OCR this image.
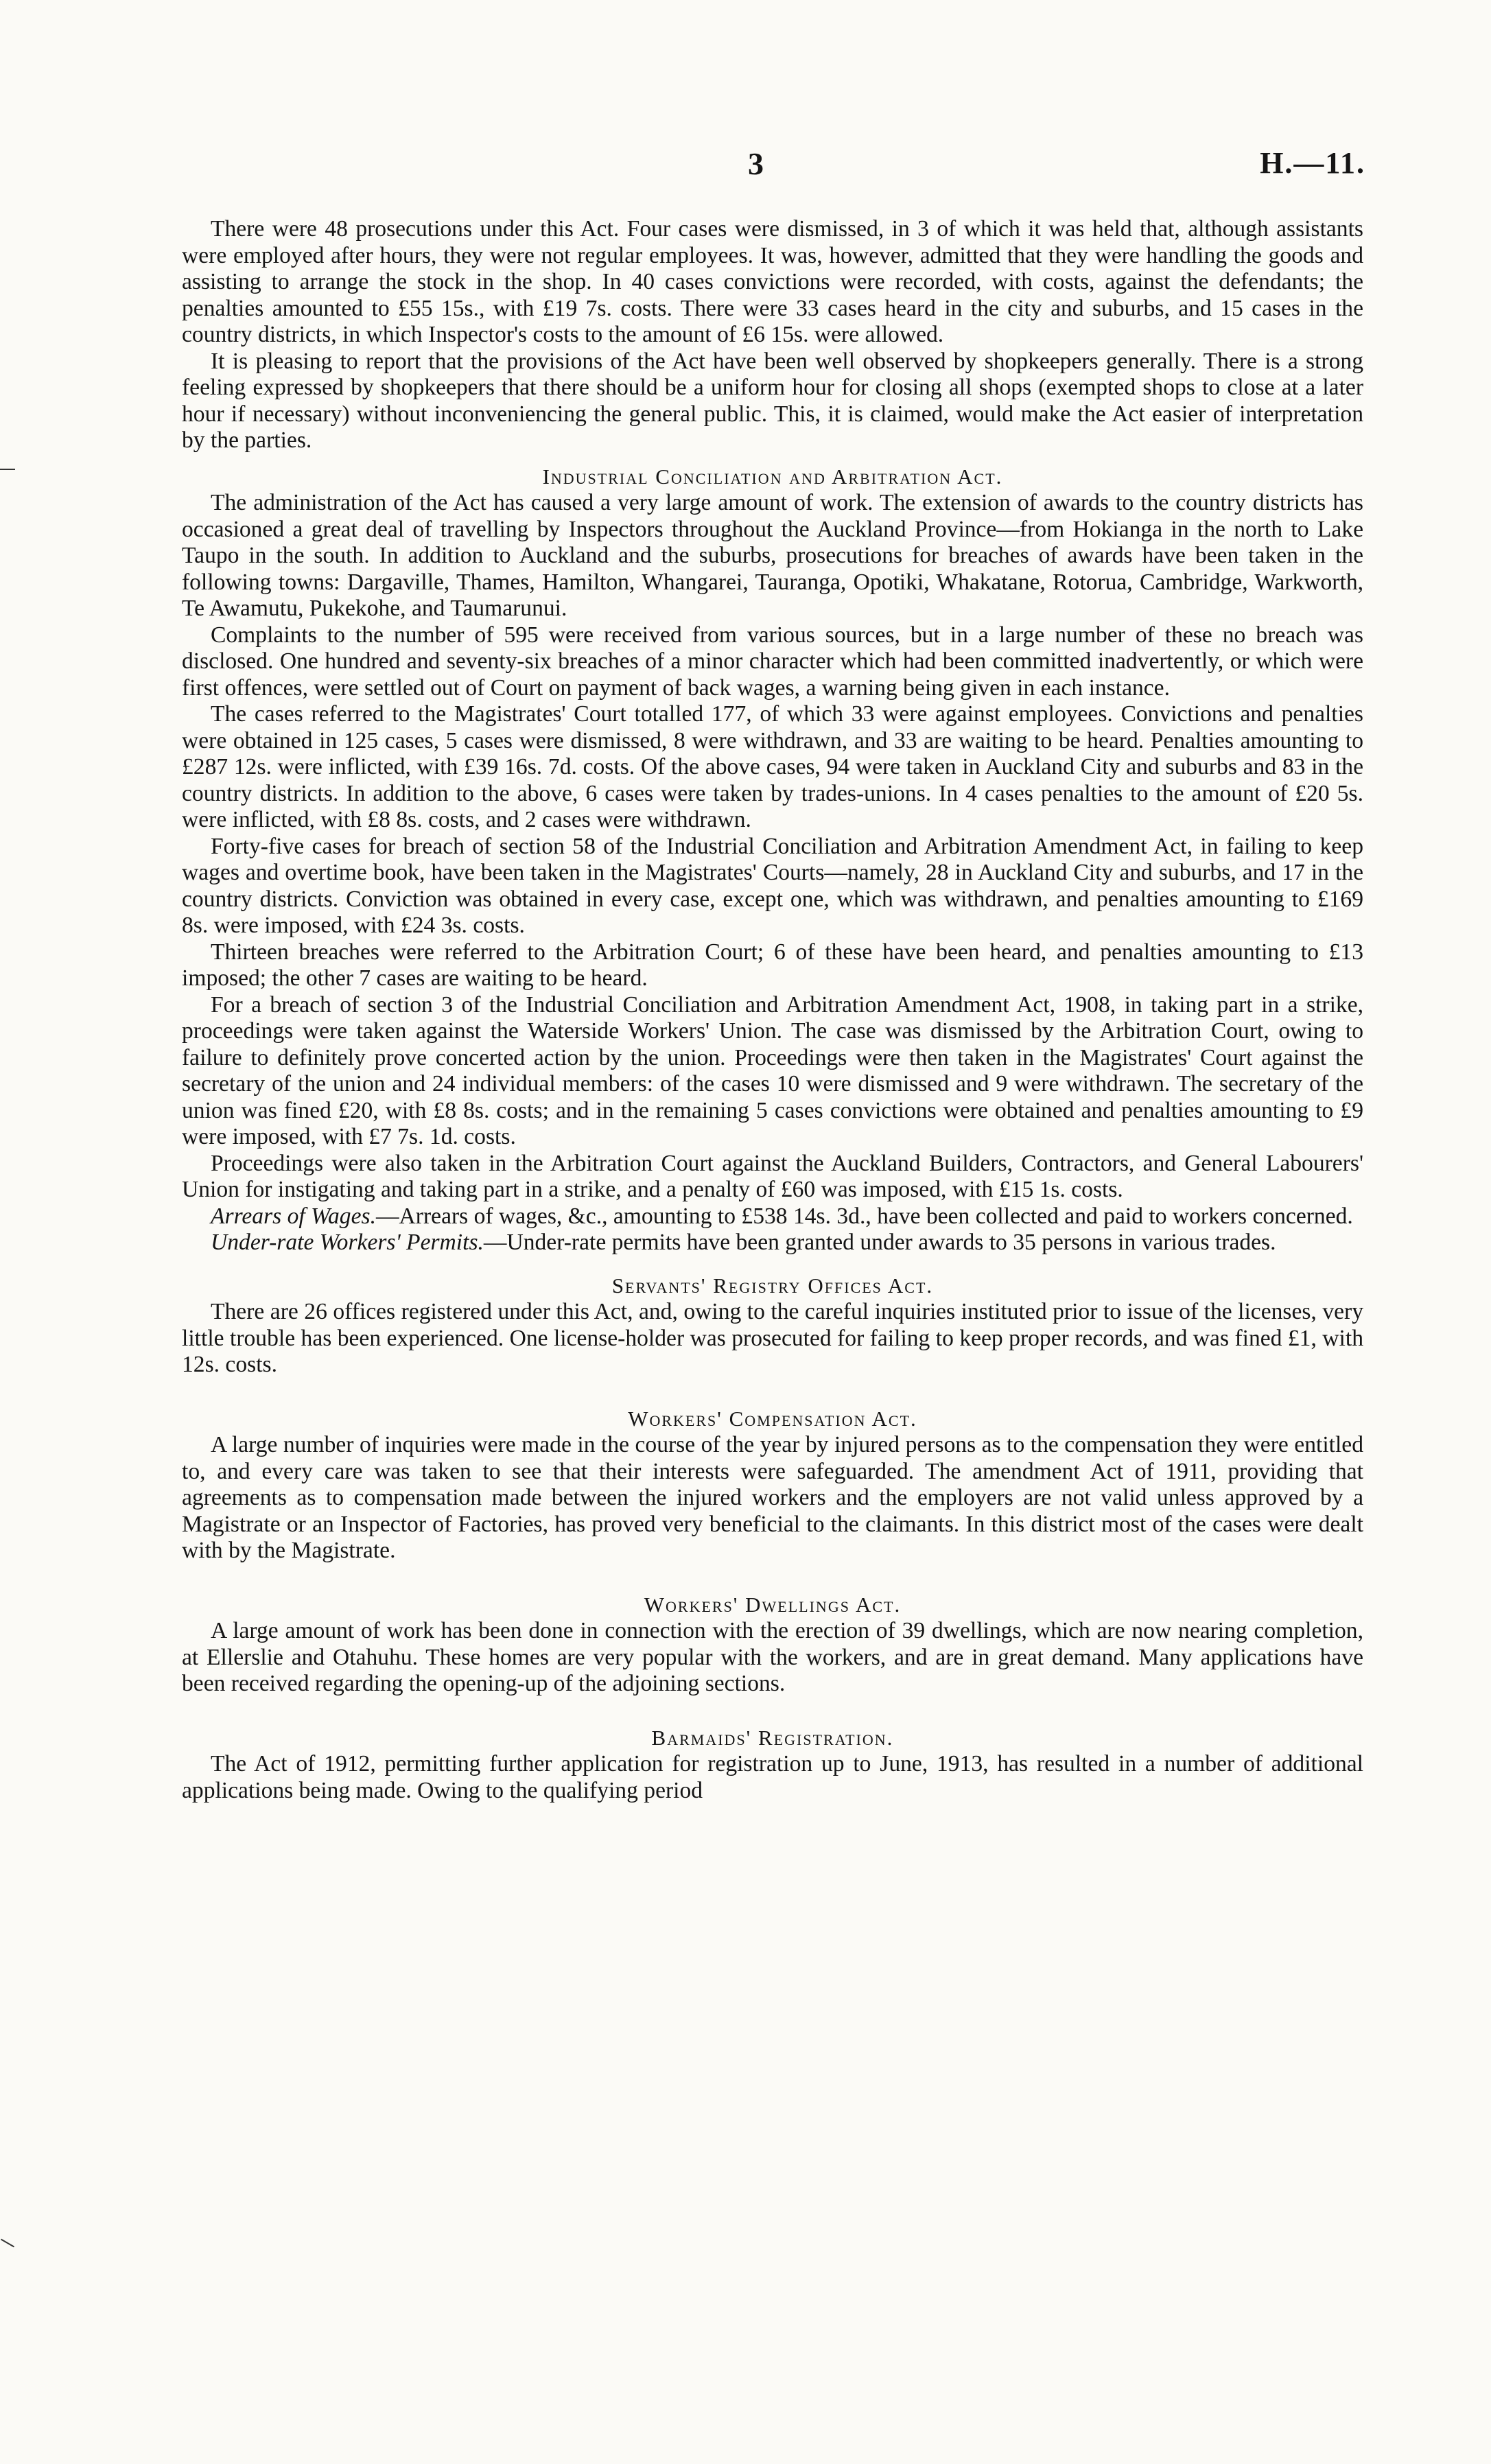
3	H.—11.

There were 48 prosecutions under this Act. Four cases were dismissed, in 3 of which it was held that, although assistants were employed after hours, they were not regular employees. It was, however, admitted that they were handling the goods and assisting to arrange the stock in the shop. In 40 cases convictions were recorded, with costs, against the defendants; the penalties amounted to £55 15s., with £19 7s. costs. There were 33 cases heard in the city and suburbs, and 15 cases in the country districts, in which Inspector's costs to the amount of £6 15s. were allowed.

It is pleasing to report that the provisions of the Act have been well observed by shopkeepers generally. There is a strong feeling expressed by shopkeepers that there should be a uniform hour for closing all shops (exempted shops to close at a later hour if necessary) without inconveniencing the general public. This, it is claimed, would make the Act easier of interpretation by the parties.

Industrial Conciliation and Arbitration Act.

The administration of the Act has caused a very large amount of work. The extension of awards to the country districts has occasioned a great deal of travelling by Inspectors throughout the Auckland Province—from Hokianga in the north to Lake Taupo in the south. In addition to Auckland and the suburbs, prosecutions for breaches of awards have been taken in the following towns: Dargaville, Thames, Hamilton, Whangarei, Tauranga, Opotiki, Whakatane, Rotorua, Cambridge, Warkworth, Te Awamutu, Pukekohe, and Taumarunui.

Complaints to the number of 595 were received from various sources, but in a large number of these no breach was disclosed. One hundred and seventy-six breaches of a minor character which had been committed inadvertently, or which were first offences, were settled out of Court on payment of back wages, a warning being given in each instance.

The cases referred to the Magistrates' Court totalled 177, of which 33 were against employees. Convictions and penalties were obtained in 125 cases, 5 cases were dismissed, 8 were withdrawn, and 33 are waiting to be heard. Penalties amounting to £287 12s. were inflicted, with £39 16s. 7d. costs. Of the above cases, 94 were taken in Auckland City and suburbs and 83 in the country districts. In addition to the above, 6 cases were taken by trades-unions. In 4 cases penalties to the amount of £20 5s. were inflicted, with £8 8s. costs, and 2 cases were withdrawn.

Forty-five cases for breach of section 58 of the Industrial Conciliation and Arbitration Amendment Act, in failing to keep wages and overtime book, have been taken in the Magistrates' Courts—namely, 28 in Auckland City and suburbs, and 17 in the country districts. Conviction was obtained in every case, except one, which was withdrawn, and penalties amounting to £169 8s. were imposed, with £24 3s. costs.

Thirteen breaches were referred to the Arbitration Court; 6 of these have been heard, and penalties amounting to £13 imposed; the other 7 cases are waiting to be heard.

For a breach of section 3 of the Industrial Conciliation and Arbitration Amendment Act, 1908, in taking part in a strike, proceedings were taken against the Waterside Workers' Union. The case was dismissed by the Arbitration Court, owing to failure to definitely prove concerted action by the union. Proceedings were then taken in the Magistrates' Court against the secretary of the union and 24 individual members: of the cases 10 were dismissed and 9 were withdrawn. The secretary of the union was fined £20, with £8 8s. costs; and in the remaining 5 cases convictions were obtained and penalties amounting to £9 were imposed, with £7 7s. 1d. costs.

Proceedings were also taken in the Arbitration Court against the Auckland Builders, Contractors, and General Labourers' Union for instigating and taking part in a strike, and a penalty of £60 was imposed, with £15 1s. costs.

Arrears of Wages.—Arrears of wages, &c., amounting to £538 14s. 3d., have been collected and paid to workers concerned.

Under-rate Workers' Permits.—Under-rate permits have been granted under awards to 35 persons in various trades.

Servants' Registry Offices Act.

There are 26 offices registered under this Act, and, owing to the careful inquiries instituted prior to issue of the licenses, very little trouble has been experienced. One license-holder was prosecuted for failing to keep proper records, and was fined £1, with 12s. costs.

Workers' Compensation Act.

A large number of inquiries were made in the course of the year by injured persons as to the compensation they were entitled to, and every care was taken to see that their interests were safeguarded. The amendment Act of 1911, providing that agreements as to compensation made between the injured workers and the employers are not valid unless approved by a Magistrate or an Inspector of Factories, has proved very beneficial to the claimants. In this district most of the cases were dealt with by the Magistrate.

Workers' Dwellings Act.

A large amount of work has been done in connection with the erection of 39 dwellings, which are now nearing completion, at Ellerslie and Otahuhu. These homes are very popular with the workers, and are in great demand. Many applications have been received regarding the opening-up of the adjoining sections.

Barmaids' Registration.

The Act of 1912, permitting further application for registration up to June, 1913, has resulted in a number of additional applications being made. Owing to the qualifying period
